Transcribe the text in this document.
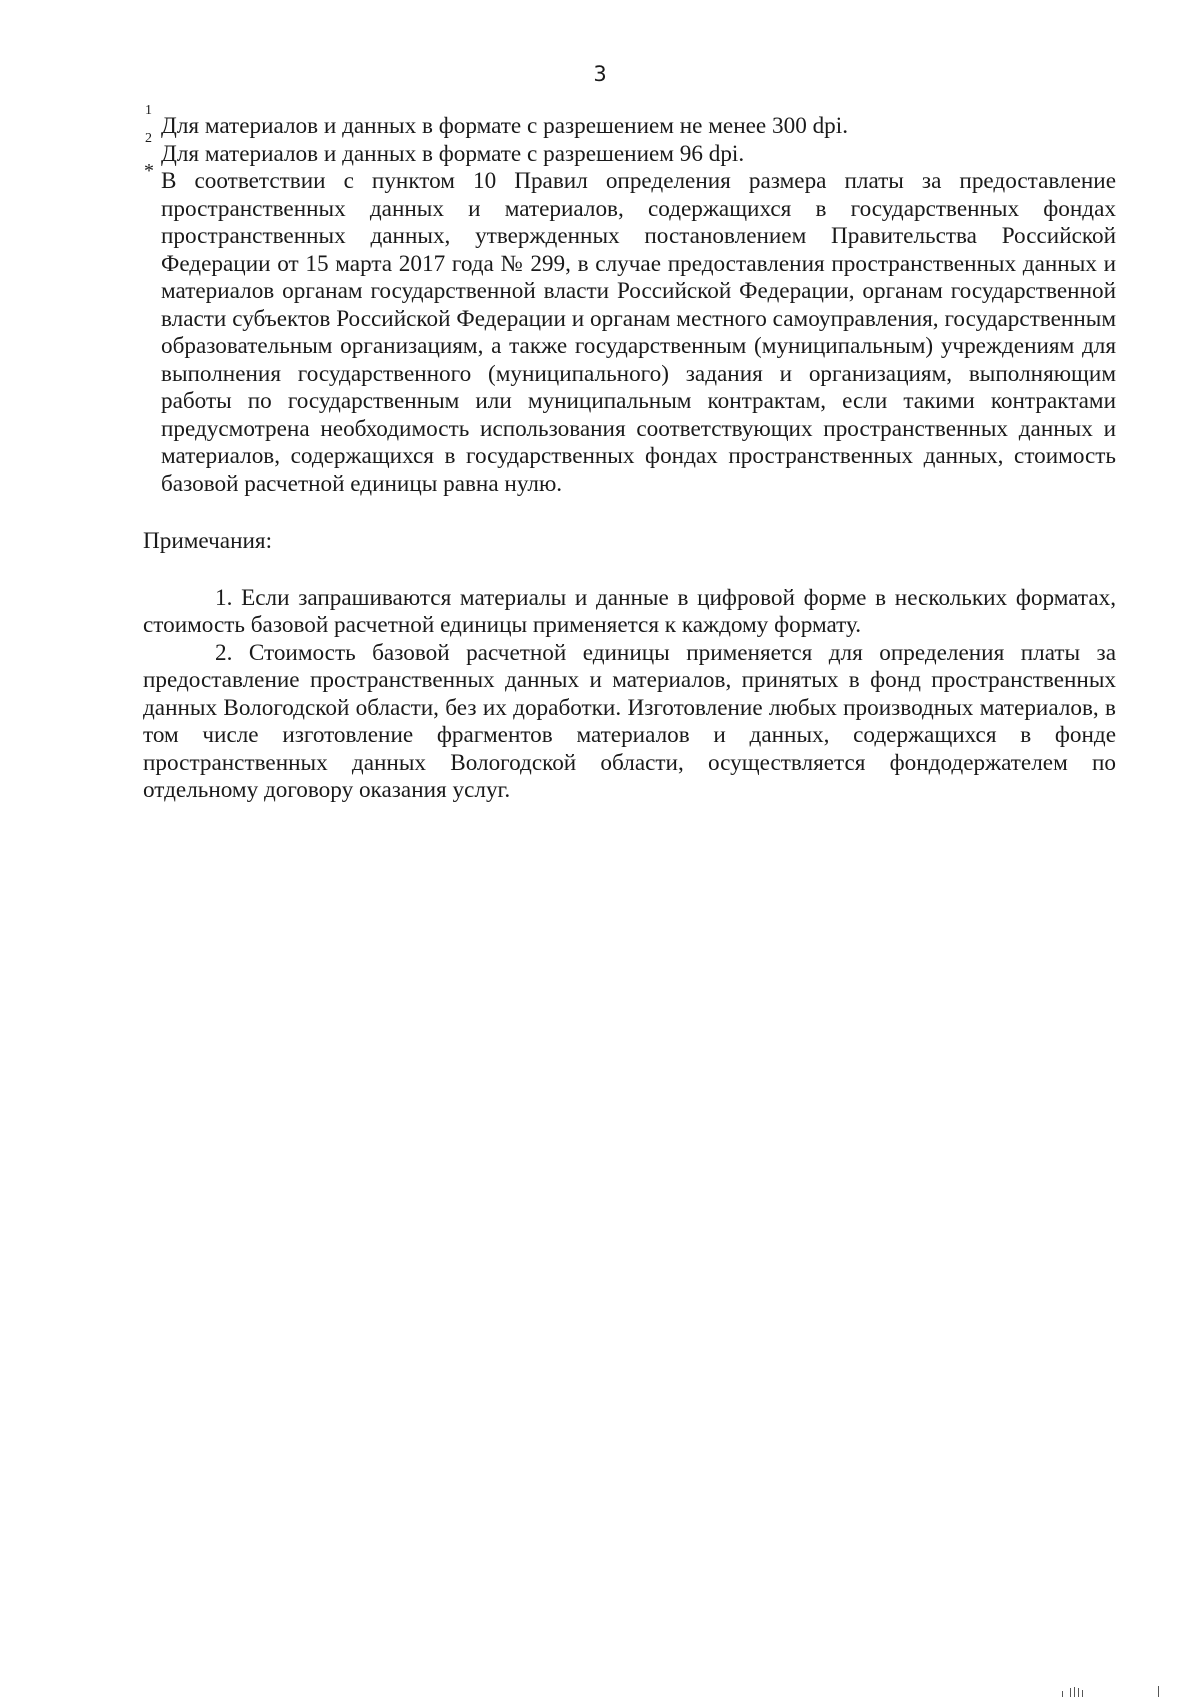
3
1
Для материалов и данных в формате с разрешением не менее 300 dpi.
2
Для материалов и данных в формате с разрешением 96 dpi.
* В соответствии с пунктом 10 Правил определения размера платы за предоставление пространственных данных и материалов, содержащихся в государственных фондах пространственных данных, утвержденных постановлением Правительства Российской Федерации от 15 марта 2017 года № 299, в случае предоставления пространственных данных и материалов органам государственной власти Российской Федерации, органам государственной власти субъектов Российской Федерации и органам местного самоуправления, государственным образовательным организациям, а также государственным (муниципальным) учреждениям для выполнения государственного (муниципального) задания и организациям, выполняющим работы по государственным или муниципальным контрактам, если такими контрактами предусмотрена необходимость использования соответствующих пространственных данных и материалов, содержащихся в государственных фондах пространственных данных, стоимость базовой расчетной единицы равна нулю.

Примечания:

1. Если запрашиваются материалы и данные в цифровой форме в нескольких форматах, стоимость базовой расчетной единицы применяется к каждому формату.

2. Стоимость базовой расчетной единицы применяется для определения платы за предоставление пространственных данных и материалов, принятых в фонд пространственных данных Вологодской области, без их доработки. Изготовление любых производных материалов, в том числе изготовление фрагментов материалов и данных, содержащихся в фонде пространственных данных Вологодской области, осуществляется фондодержателем по отдельному договору оказания услуг.
